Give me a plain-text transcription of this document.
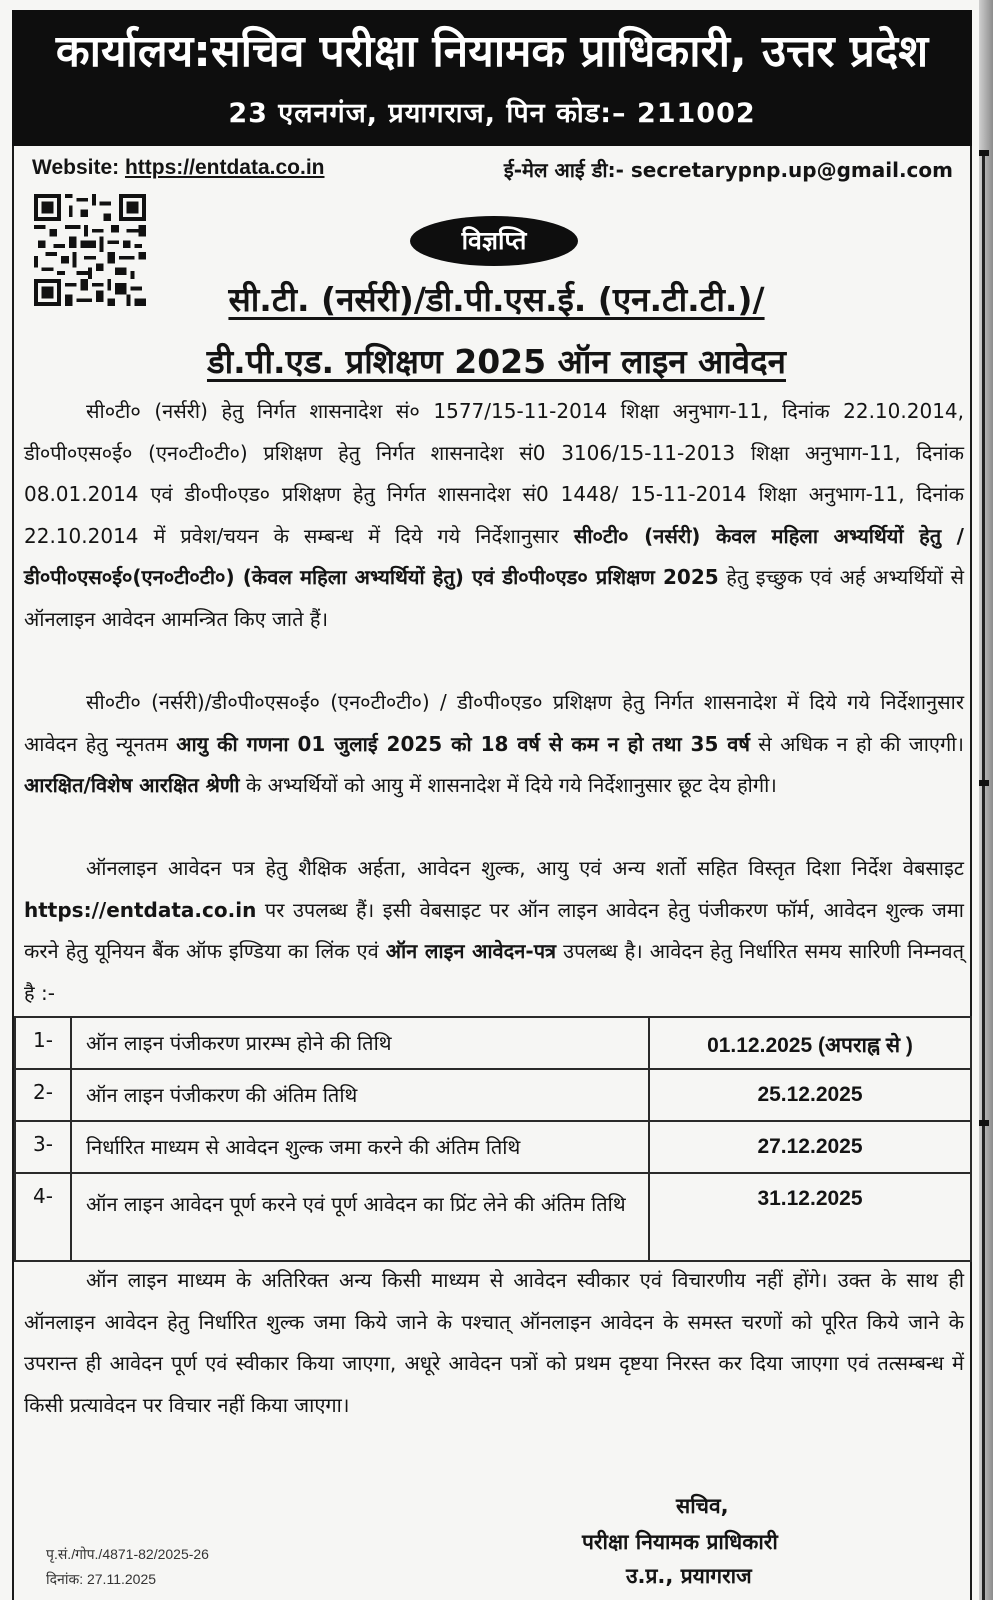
कार्यालय:सचिव परीक्षा नियामक प्राधिकारी, उत्तर प्रदेश
23 एलनगंज, प्रयागराज, पिन कोड:– 211002
Website: https://entdata.co.in	ई-मेल आई डी:- secretarypnp.up@gmail.com
विज्ञप्ति
सी.टी. (नर्सरी)/डी.पी.एस.ई. (एन.टी.टी.)/
डी.पी.एड. प्रशिक्षण 2025 ऑन लाइन आवेदन

सी०टी० (नर्सरी) हेतु निर्गत शासनादेश सं० 1577/15-11-2014 शिक्षा अनुभाग-11, दिनांक 22.10.2014, डी०पी०एस०ई० (एन०टी०टी०) प्रशिक्षण हेतु निर्गत शासनादेश सं0 3106/15-11-2013 शिक्षा अनुभाग-11, दिनांक 08.01.2014 एवं डी०पी०एड० प्रशिक्षण हेतु निर्गत शासनादेश सं0 1448/ 15-11-2014 शिक्षा अनुभाग-11, दिनांक 22.10.2014 में प्रवेश/चयन के सम्बन्ध में दिये गये निर्देशानुसार सी०टी० (नर्सरी) केवल महिला अभ्यर्थियों हेतु /डी०पी०एस०ई०(एन०टी०टी०) (केवल महिला अभ्यर्थियों हेतु) एवं डी०पी०एड० प्रशिक्षण 2025 हेतु इच्छुक एवं अर्ह अभ्यर्थियों से ऑनलाइन आवेदन आमन्त्रित किए जाते हैं।

सी०टी० (नर्सरी)/डी०पी०एस०ई० (एन०टी०टी०) / डी०पी०एड० प्रशिक्षण हेतु निर्गत शासनादेश में दिये गये निर्देशानुसार आवेदन हेतु न्यूनतम आयु की गणना 01 जुलाई 2025 को 18 वर्ष से कम न हो तथा 35 वर्ष से अधिक न हो की जाएगी। आरक्षित/विशेष आरक्षित श्रेणी के अभ्यर्थियों को आयु में शासनादेश में दिये गये निर्देशानुसार छूट देय होगी।

ऑनलाइन आवेदन पत्र हेतु शैक्षिक अर्हता, आवेदन शुल्क, आयु एवं अन्य शर्तो सहित विस्तृत दिशा निर्देश वेबसाइट https://entdata.co.in पर उपलब्ध हैं। इसी वेबसाइट पर ऑन लाइन आवेदन हेतु पंजीकरण फॉर्म, आवेदन शुल्क जमा करने हेतु यूनियन बैंक ऑफ इण्डिया का लिंक एवं ऑन लाइन आवेदन-पत्र उपलब्ध है। आवेदन हेतु निर्धारित समय सारिणी निम्नवत् है :-

1-	ऑन लाइन पंजीकरण प्रारम्भ होने की तिथि	01.12.2025 (अपराह्न से )
2-	ऑन लाइन पंजीकरण की अंतिम तिथि	25.12.2025
3-	निर्धारित माध्यम से आवेदन शुल्क जमा करने की अंतिम तिथि	27.12.2025
4-	ऑन लाइन आवेदन पूर्ण करने एवं पूर्ण आवेदन का प्रिंट लेने की अंतिम तिथि	31.12.2025

ऑन लाइन माध्यम के अतिरिक्त अन्य किसी माध्यम से आवेदन स्वीकार एवं विचारणीय नहीं होंगे। उक्त के साथ ही ऑनलाइन आवेदन हेतु निर्धारित शुल्क जमा किये जाने के पश्चात् ऑनलाइन आवेदन के समस्त चरणों को पूरित किये जाने के उपरान्त ही आवेदन पूर्ण एवं स्वीकार किया जाएगा, अधूरे आवेदन पत्रों को प्रथम दृष्टया निरस्त कर दिया जाएगा एवं तत्सम्बन्ध में किसी प्रत्यावेदन पर विचार नहीं किया जाएगा।

सचिव,
परीक्षा नियामक प्राधिकारी
उ.प्र., प्रयागराज
पृ.सं./गोप./4871-82/2025-26
दिनांक: 27.11.2025
